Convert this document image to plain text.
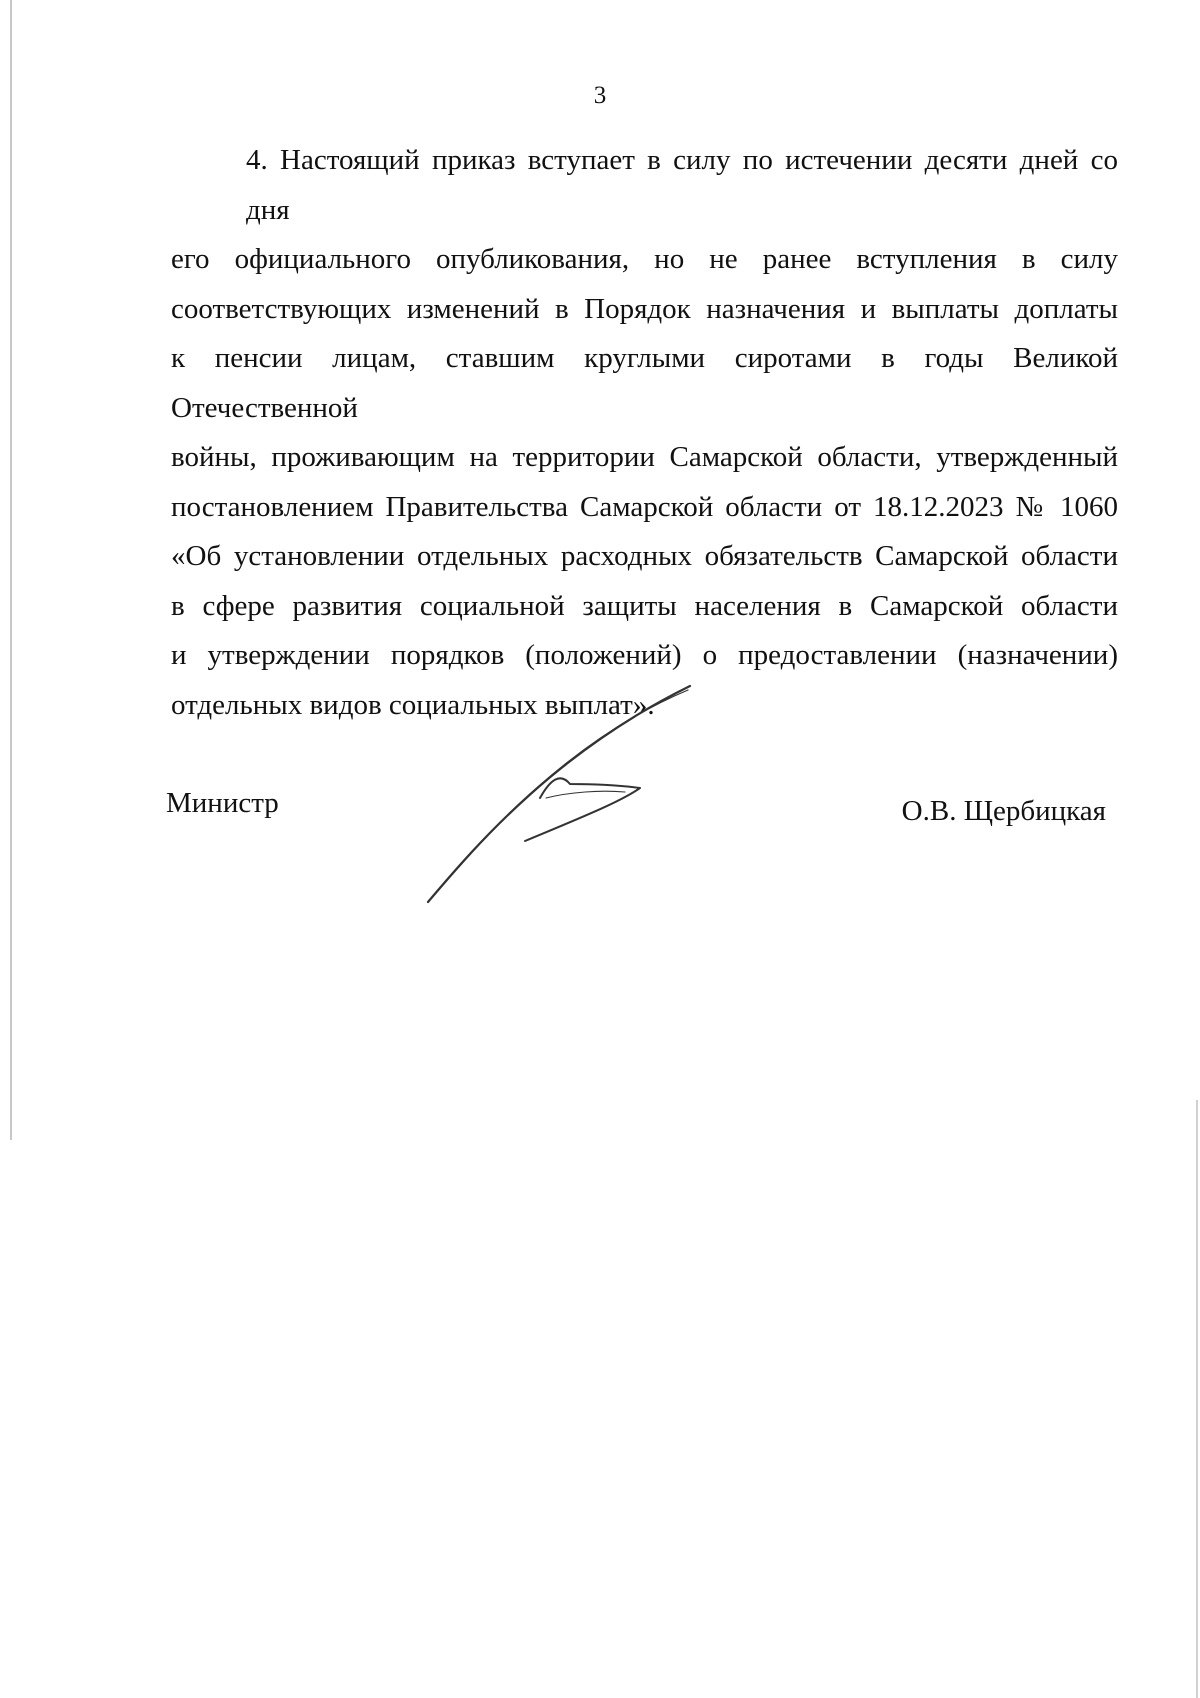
3

4. Настоящий приказ вступает в силу по истечении десяти дней со дня
его официального опубликования, но не ранее вступления в силу
соответствующих изменений в Порядок назначения и выплаты доплаты
к пенсии лицам, ставшим круглыми сиротами в годы Великой Отечественной
войны, проживающим на территории Самарской области, утвержденный
постановлением Правительства Самарской области от 18.12.2023 № 1060
«Об установлении отдельных расходных обязательств Самарской области
в сфере развития социальной защиты населения в Самарской области
и утверждении порядков (положений) о предоставлении (назначении)
отдельных видов социальных выплат».

Министр	О.В. Щербицкая
